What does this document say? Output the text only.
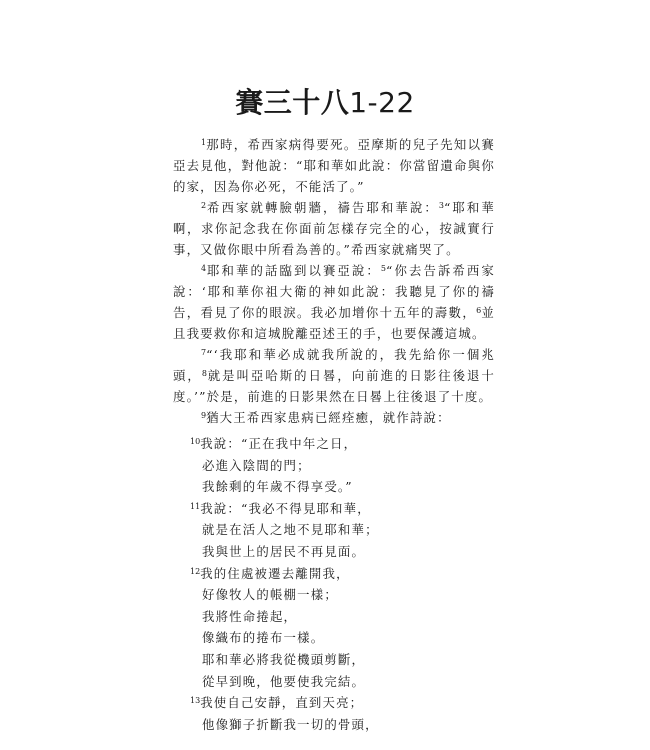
賽三十八1-22

$^1$那時，希西家病得要死。亞摩斯的兒子先知以賽亞去見他，對他說：“耶和華如此說：你當留遺命與你的家，因為你必死，不能活了。”

$^2$希西家就轉臉朝牆，禱告耶和華說：$^3$“耶和華啊，求你記念我在你面前怎樣存完全的心，按誠實行事，又做你眼中所看為善的。”希西家就痛哭了。

$^4$耶和華的話臨到以賽亞說：$^5$“你去告訴希西家說：‘耶和華你祖大衛的神如此說：我聽見了你的禱告，看見了你的眼淚。我必加增你十五年的壽數，$^6$並且我要救你和這城脫離亞述王的手，也要保護這城。

$^7$“‘我耶和華必成就我所說的，我先給你一個兆頭，$^8$就是叫亞哈斯的日晷，向前進的日影往後退十度。’”於是，前進的日影果然在日晷上往後退了十度。

$^9$猶大王希西家患病已經痊癒，就作詩說：

$^{10}$我說：“正在我中年之日，
必進入陰間的門；
我餘剩的年歲不得享受。”
$^{11}$我說：“我必不得見耶和華，
就是在活人之地不見耶和華；
我與世上的居民不再見面。
$^{12}$我的住處被遷去離開我，
好像牧人的帳棚一樣；
我將性命捲起，
像織布的捲布一樣。
耶和華必將我從機頭剪斷，
從早到晚，他要使我完結。
$^{13}$我使自己安靜，直到天亮；
他像獅子折斷我一切的骨頭，
